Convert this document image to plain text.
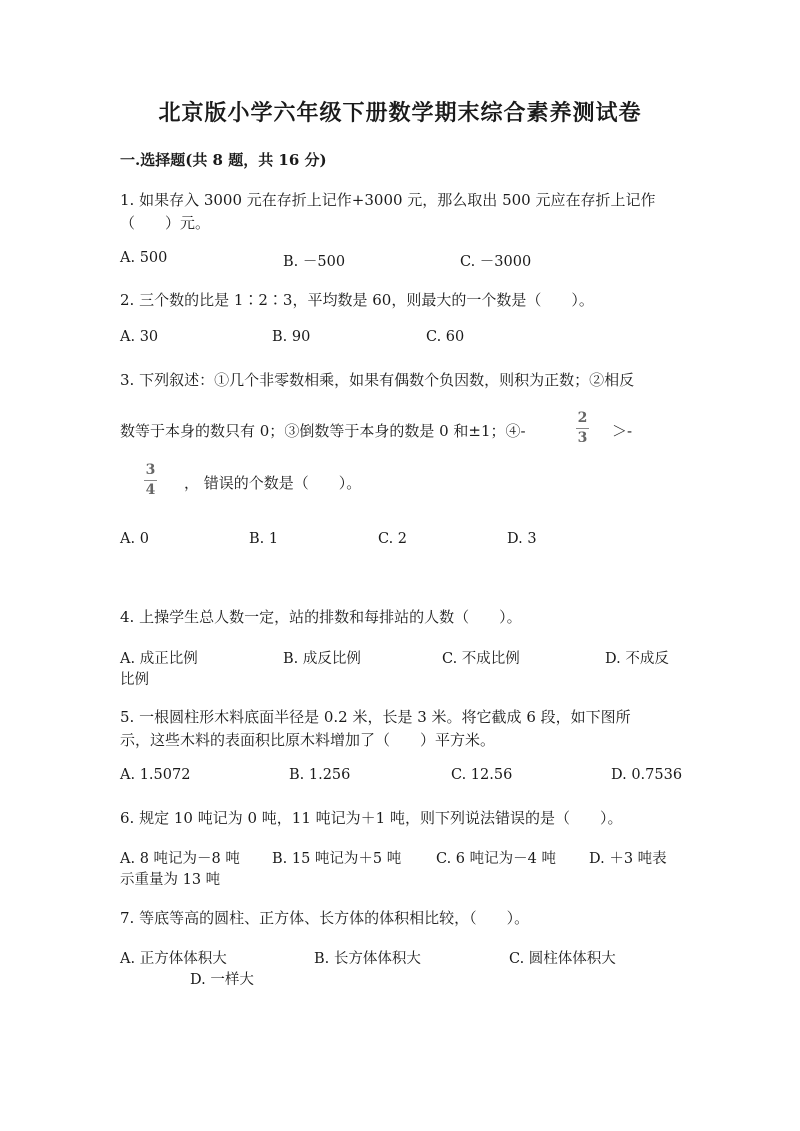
北京版小学六年级下册数学期末综合素养测试卷
一.选择题(共 8 题，共 16 分)
1. 如果存入 3000 元在存折上记作+3000 元，那么取出 500 元应在存折上记作
（　　）元。
A. 500	B. －500	C. －3000
2. 三个数的比是 1∶2∶3，平均数是 60，则最大的一个数是（　　）。
A. 30	B. 90	C. 60
3. 下列叙述：①几个非零数相乘，如果有偶数个负因数，则积为正数；②相反
数等于本身的数只有 0；③倒数等于本身的数是 0 和±1；④-
2
3 ＞-
3
4 ， 错误的个数是（　　）。
A. 0	B. 1	C. 2	D. 3
4. 上操学生总人数一定，站的排数和每排站的人数（　　）。
A. 成正比例	B. 成反比例	C. 不成比例	D. 不成反
比例
5. 一根圆柱形木料底面半径是 0.2 米，长是 3 米。将它截成 6 段，如下图所
示，这些木料的表面积比原木料增加了（　　）平方米。
A. 1.5072	B. 1.256	C. 12.56	D. 0.7536
6. 规定 10 吨记为 0 吨，11 吨记为＋1 吨，则下列说法错误的是（　　）。
A. 8 吨记为－8 吨 B. 15 吨记为＋5 吨 C. 6 吨记为－4 吨 D. ＋3 吨表
示重量为 13 吨
7. 等底等高的圆柱、正方体、长方体的体积相比较，（　　）。
A. 正方体体积大	B. 长方体体积大	C. 圆柱体体积大
D. 一样大
